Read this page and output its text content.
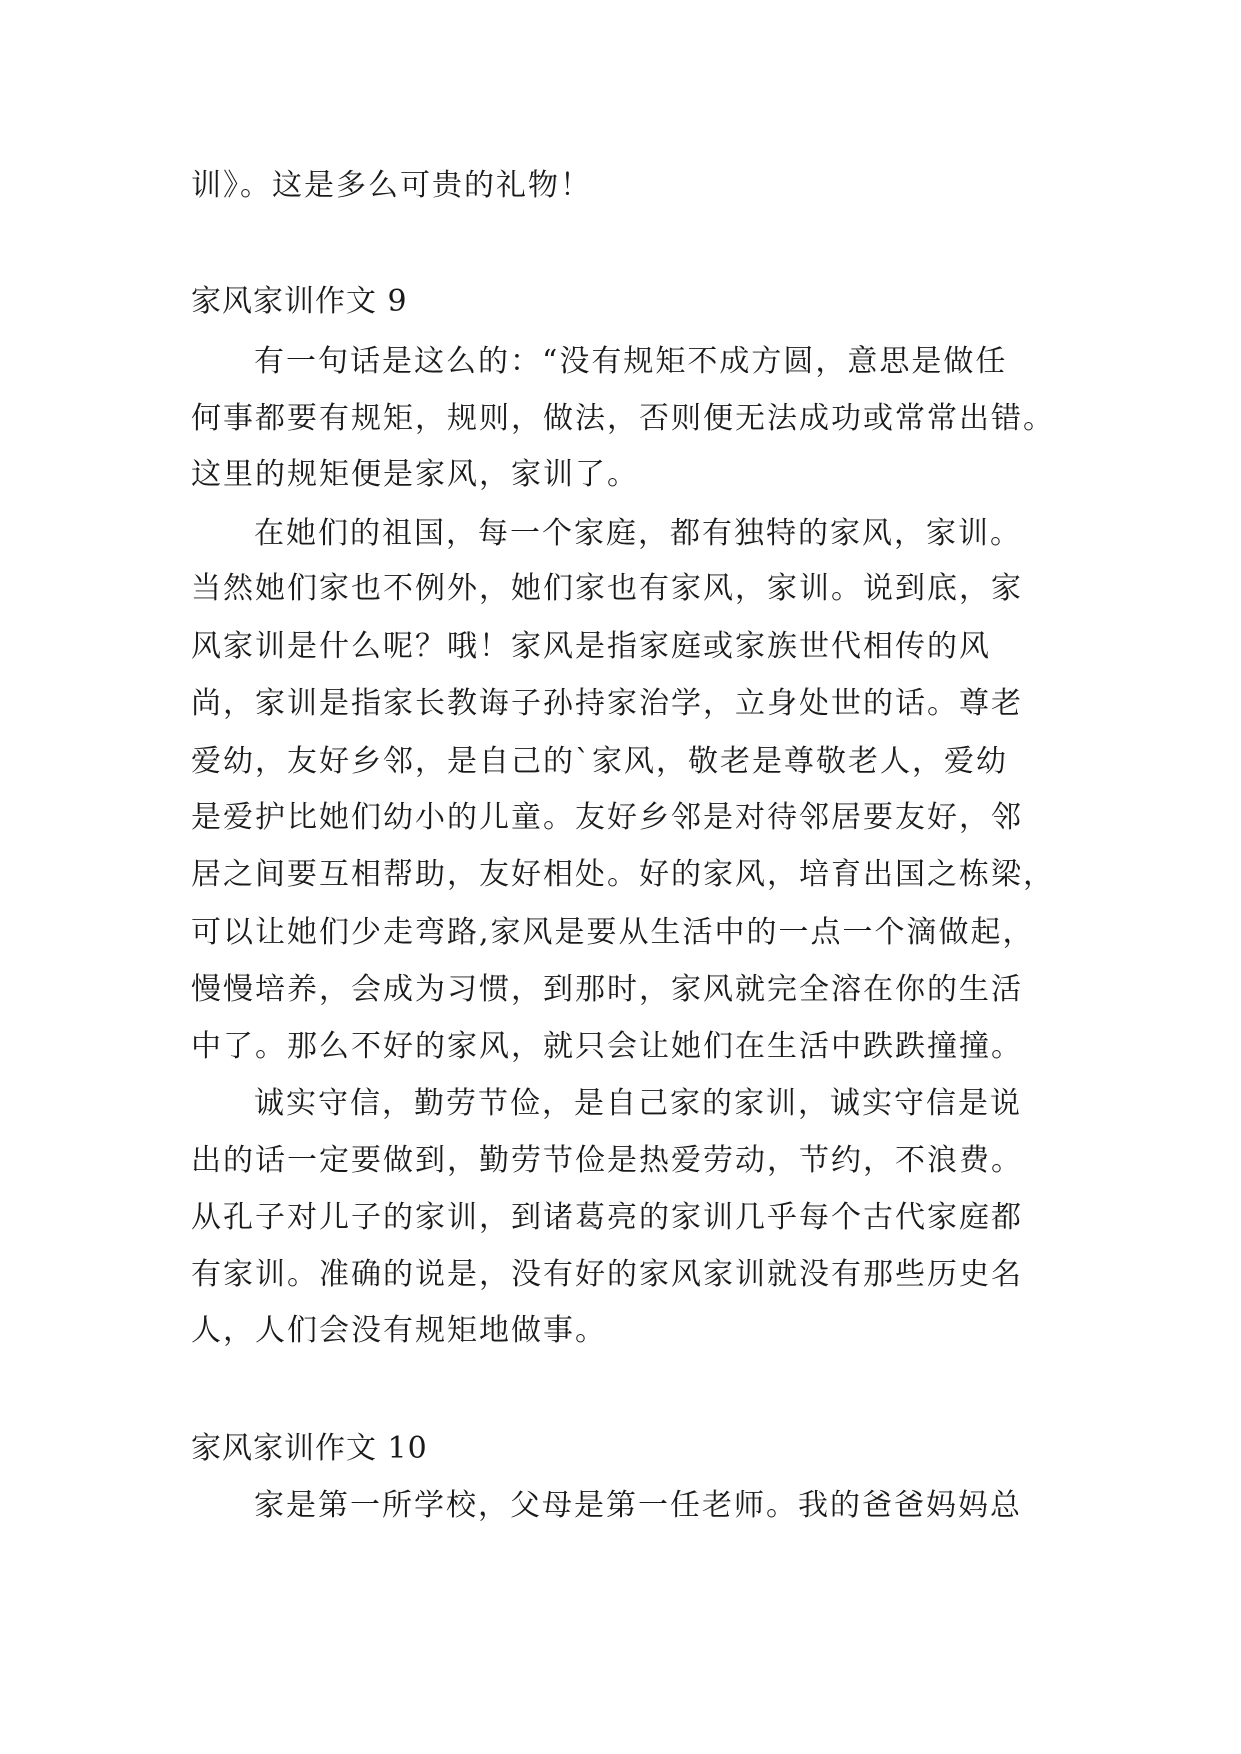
训》。这是多么可贵的礼物！
家风家训作文 9
有一句话是这么的：“没有规矩不成方圆，意思是做任
何事都要有规矩，规则，做法，否则便无法成功或常常出错。
这里的规矩便是家风，家训了。
在她们的祖国，每一个家庭，都有独特的家风，家训。
当然她们家也不例外，她们家也有家风，家训。说到底，家
风家训是什么呢？哦！家风是指家庭或家族世代相传的风
尚，家训是指家长教诲子孙持家治学，立身处世的话。尊老
爱幼，友好乡邻，是自己的`家风，敬老是尊敬老人，爱幼
是爱护比她们幼小的儿童。友好乡邻是对待邻居要友好，邻
居之间要互相帮助，友好相处。好的家风，培育出国之栋梁，
可以让她们少走弯路,家风是要从生活中的一点一个滴做起，
慢慢培养，会成为习惯，到那时，家风就完全溶在你的生活
中了。那么不好的家风，就只会让她们在生活中跌跌撞撞。
诚实守信，勤劳节俭，是自己家的家训，诚实守信是说
出的话一定要做到，勤劳节俭是热爱劳动，节约，不浪费。
从孔子对儿子的家训，到诸葛亮的家训几乎每个古代家庭都
有家训。准确的说是，没有好的家风家训就没有那些历史名
人，人们会没有规矩地做事。
家风家训作文 10
家是第一所学校，父母是第一任老师。我的爸爸妈妈总
